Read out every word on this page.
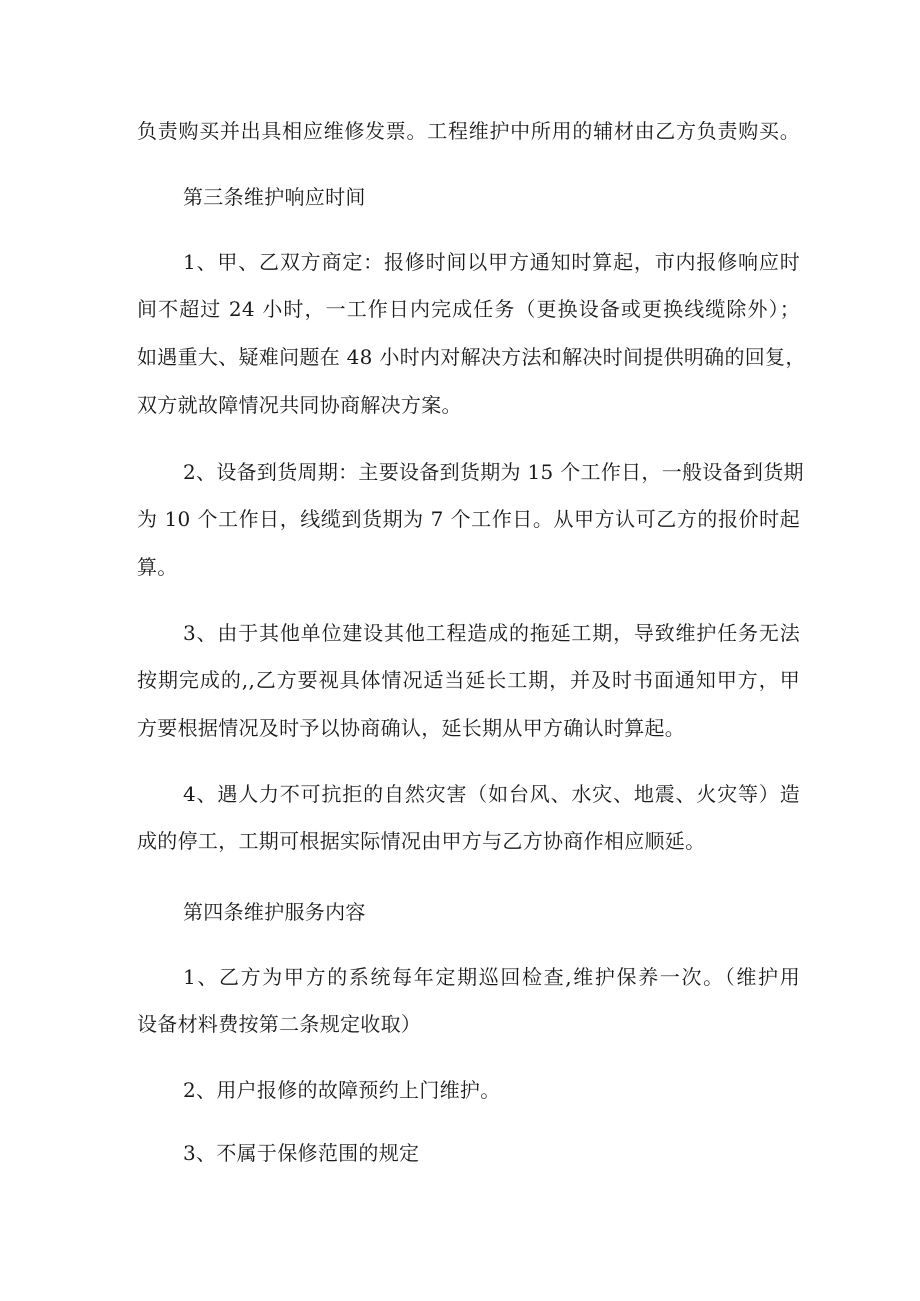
负责购买并出具相应维修发票。工程维护中所用的辅材由乙方负责购买。
第三条维护响应时间
1、甲、乙双方商定：报修时间以甲方通知时算起，市内报修响应时
间不超过 24 小时，一工作日内完成任务（更换设备或更换线缆除外）；
如遇重大、疑难问题在 48 小时内对解决方法和解决时间提供明确的回复，
双方就故障情况共同协商解决方案。
2、设备到货周期：主要设备到货期为 15 个工作日，一般设备到货期
为 10 个工作日，线缆到货期为 7 个工作日。从甲方认可乙方的报价时起
算。
3、由于其他单位建设其他工程造成的拖延工期，导致维护任务无法
按期完成的,,乙方要视具体情况适当延长工期，并及时书面通知甲方，甲
方要根据情况及时予以协商确认，延长期从甲方确认时算起。
4、遇人力不可抗拒的自然灾害（如台风、水灾、地震、火灾等）造
成的停工，工期可根据实际情况由甲方与乙方协商作相应顺延。
第四条维护服务内容
1、乙方为甲方的系统每年定期巡回检查,维护保养一次。（维护用
设备材料费按第二条规定收取）
2、用户报修的故障预约上门维护。
3、不属于保修范围的规定
